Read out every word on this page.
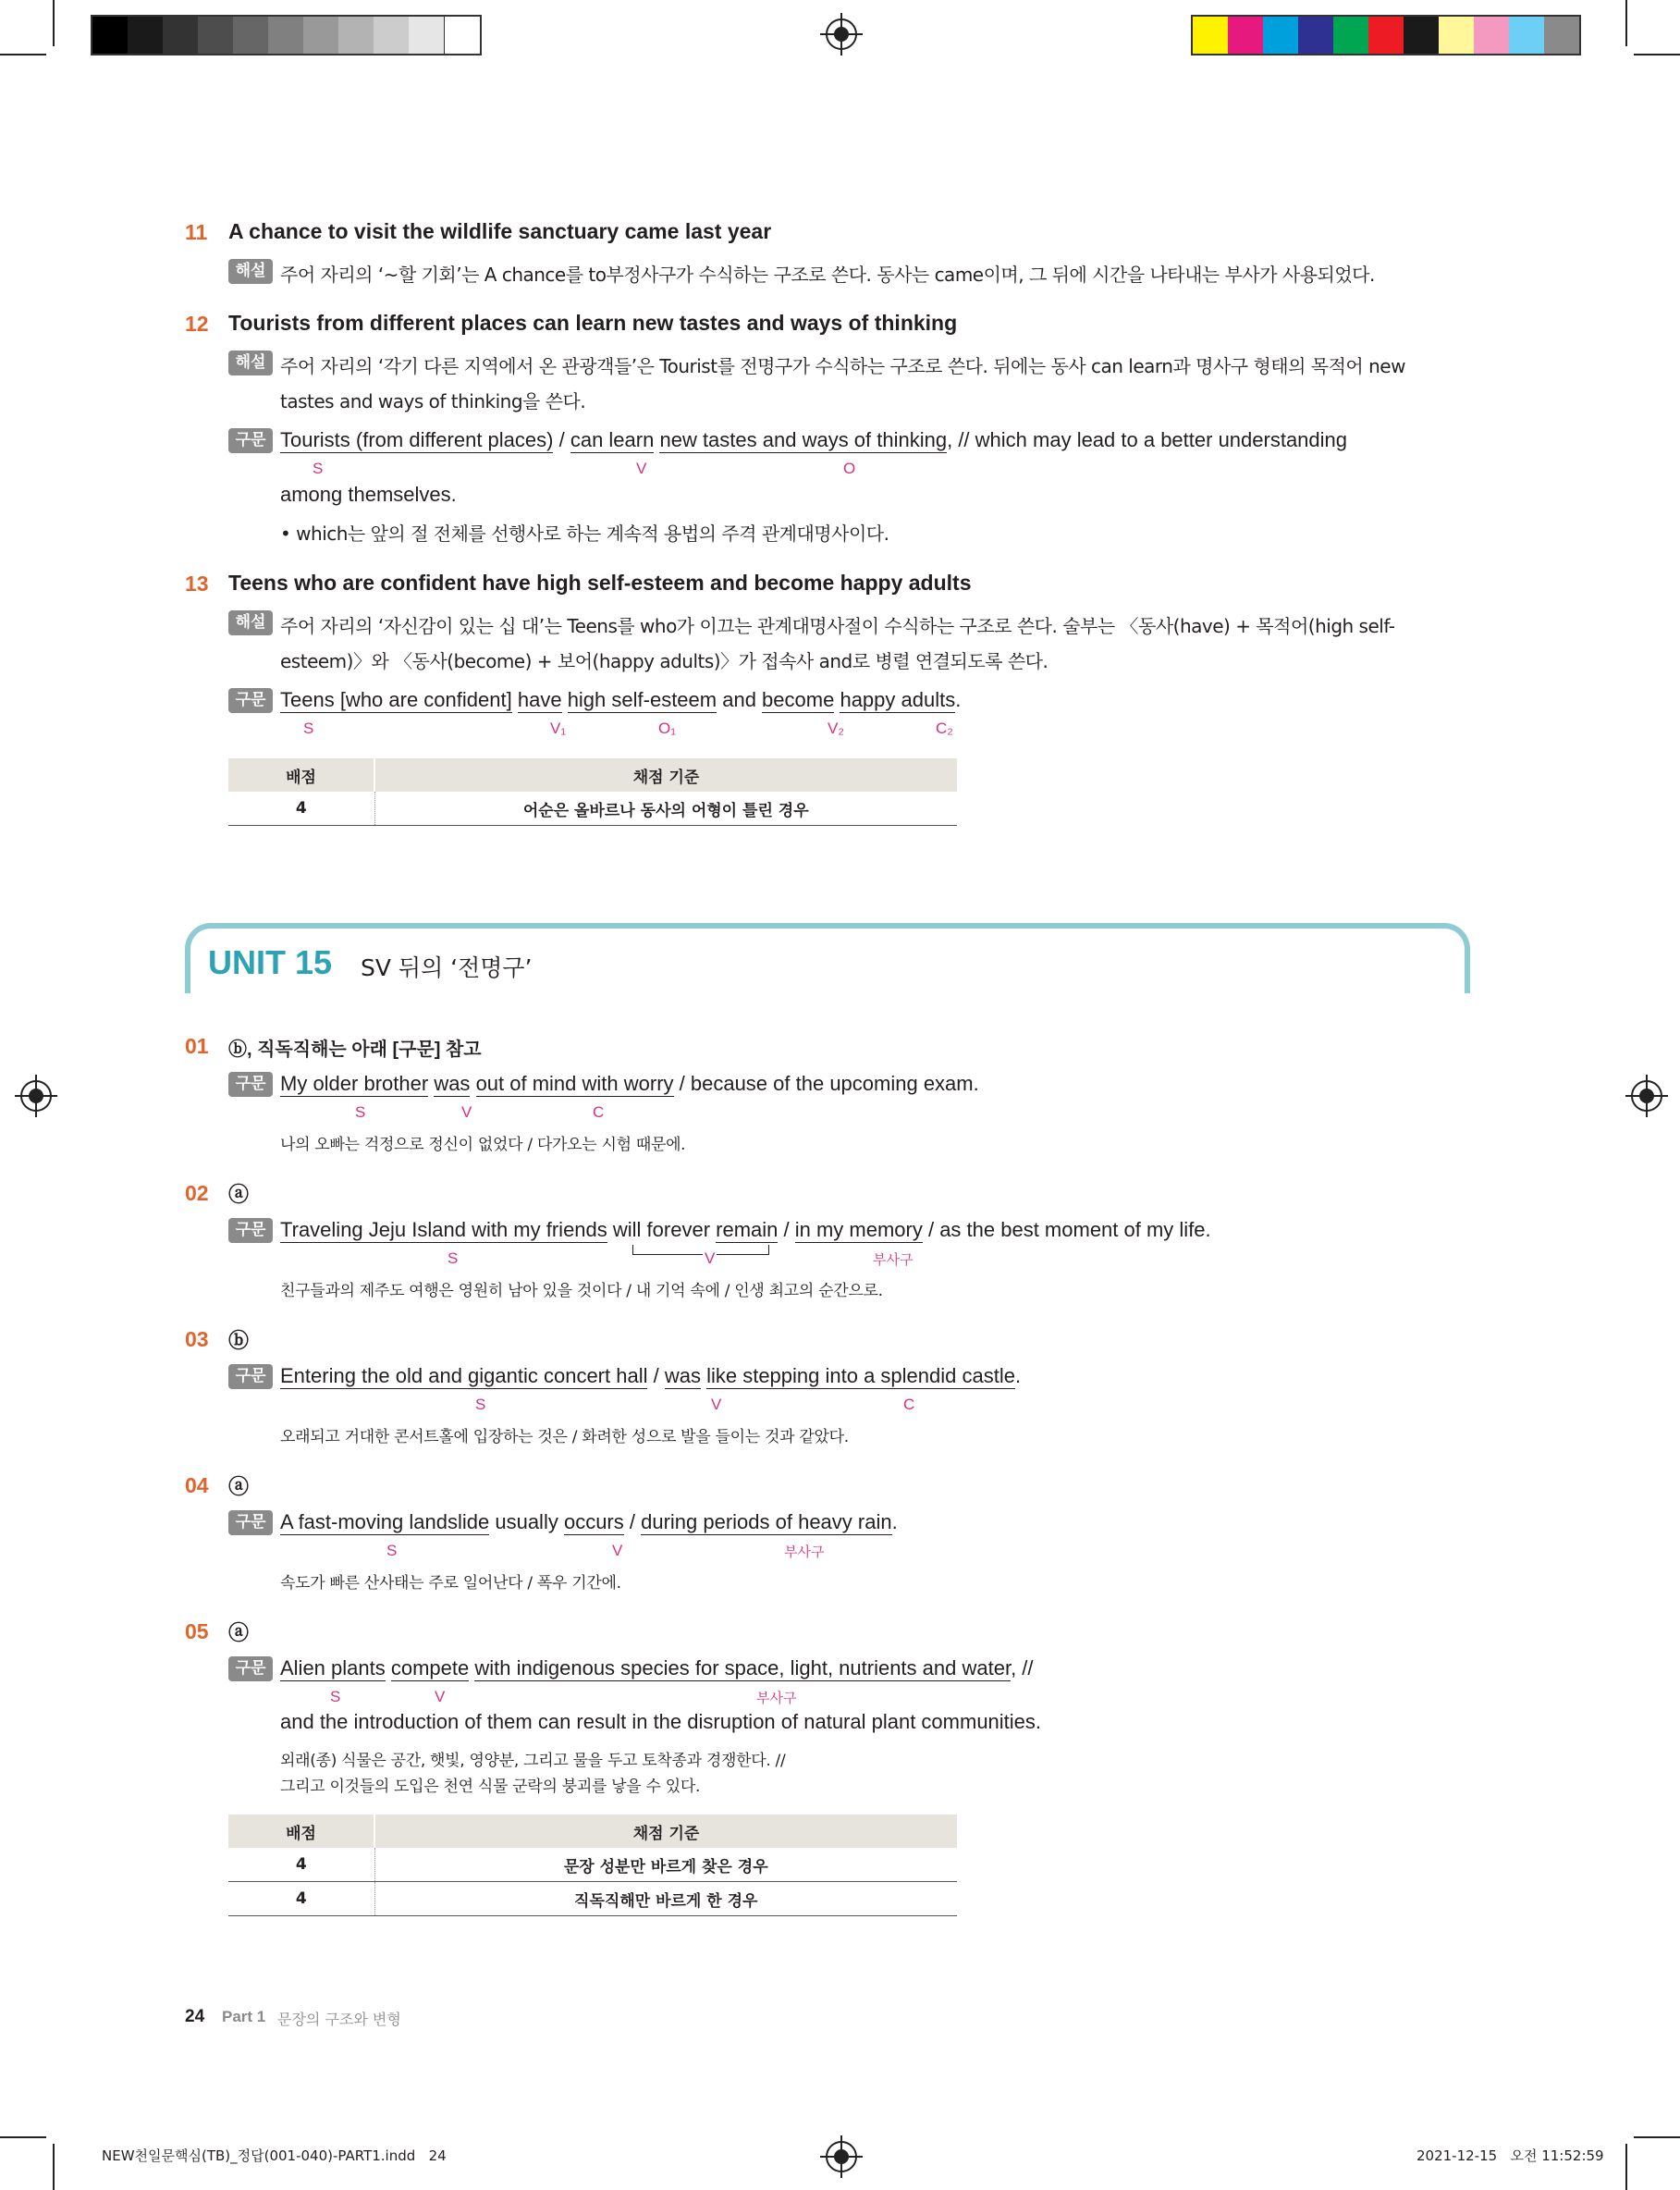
11 A chance to visit the wildlife sanctuary came last year
해설 주어 자리의 ‘~할 기회’는 A chance를 to부정사구가 수식하는 구조로 쓴다. 동사는 came이며, 그 뒤에 시간을 나타내는 부사가 사용되었다.
12 Tourists from different places can learn new tastes and ways of thinking
해설 주어 자리의 ‘각기 다른 지역에서 온 관광객들’은 Tourist를 전명구가 수식하는 구조로 쓴다. 뒤에는 동사 can learn과 명사구 형태의 목적어 new
tastes and ways of thinking을 쓴다.
구문 Tourists (from different places) / can learn new tastes and ways of thinking, // which may lead to a better understanding
S	V	O
among themselves.
• which는 앞의 절 전체를 선행사로 하는 계속적 용법의 주격 관계대명사이다.
13 Teens who are confident have high self-esteem and become happy adults
해설 주어 자리의 ‘자신감이 있는 십 대’는 Teens를 who가 이끄는 관계대명사절이 수식하는 구조로 쓴다. 술부는 〈동사(have) + 목적어(high self-
esteem)〉와 〈동사(become) + 보어(happy adults)〉가 접속사 and로 병렬 연결되도록 쓴다.
구문 Teens [who are confident] have high self-esteem and become happy adults.
S	V₁	O₁	V₂	C₂
배점	채점 기준
4	어순은 올바르나 동사의 어형이 틀린 경우
UNIT 15 SV 뒤의 ‘전명구’
01 ⓑ, 직독직해는 아래 [구문] 참고
구문 My older brother was out of mind with worry / because of the upcoming exam.
S	V	C
나의 오빠는 걱정으로 정신이 없었다 / 다가오는 시험 때문에.
02 ⓐ
구문 Traveling Jeju Island with my friends will forever remain / in my memory / as the best moment of my life.
S	V	부사구
친구들과의 제주도 여행은 영원히 남아 있을 것이다 / 내 기억 속에 / 인생 최고의 순간으로.
03 ⓑ
구문 Entering the old and gigantic concert hall / was like stepping into a splendid castle.
S	V	C
오래되고 거대한 콘서트홀에 입장하는 것은 / 화려한 성으로 발을 들이는 것과 같았다.
04 ⓐ
구문 A fast-moving landslide usually occurs / during periods of heavy rain.
S	V	부사구
속도가 빠른 산사태는 주로 일어난다 / 폭우 기간에.
05 ⓐ
구문 Alien plants compete with indigenous species for space, light, nutrients and water, //
S	V	부사구
and the introduction of them can result in the disruption of natural plant communities.
외래(종) 식물은 공간, 햇빛, 영양분, 그리고 물을 두고 토착종과 경쟁한다. //
그리고 이것들의 도입은 천연 식물 군락의 붕괴를 낳을 수 있다.
배점	채점 기준
4	문장 성분만 바르게 찾은 경우
4	직독직해만 바르게 한 경우
24 Part 1 문장의 구조와 변형
NEW천일문핵심(TB)_정답(001-040)-PART1.indd   24	2021-12-15   오전 11:52:59
